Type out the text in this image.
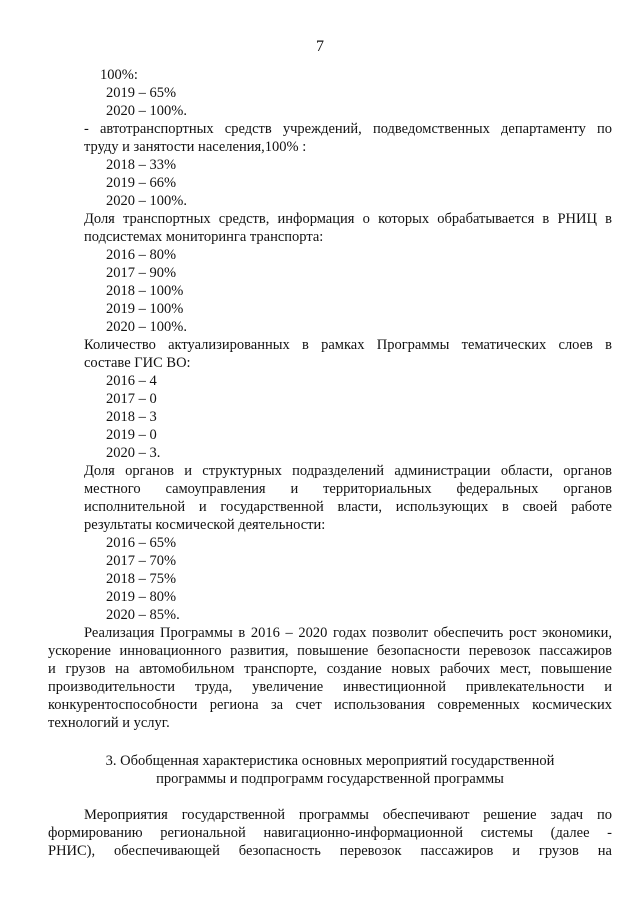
7
100%:
2019 – 65%
2020 – 100%.
- автотранспортных средств учреждений, подведомственных департаменту по
труду и занятости населения,100% :
2018 – 33%
2019 – 66%
2020 – 100%.
Доля транспортных средств, информация о которых обрабатывается в РНИЦ в
подсистемах мониторинга транспорта:
2016 – 80%
2017 – 90%
2018 – 100%
2019 – 100%
2020 – 100%.
Количество актуализированных в рамках Программы тематических слоев в
составе ГИС ВО:
2016 – 4
2017 – 0
2018 – 3
2019 – 0
2020 – 3.
Доля органов и структурных подразделений администрации области, органов
местного самоуправления и территориальных федеральных органов
исполнительной и государственной власти, использующих в своей работе
результаты космической деятельности:
2016 – 65%
2017 – 70%
2018 – 75%
2019 – 80%
2020 – 85%.
Реализация Программы в 2016 – 2020 годах позволит обеспечить рост экономики,
ускорение инновационного развития, повышение безопасности перевозок пассажиров
и грузов на автомобильном транспорте, создание новых рабочих мест, повышение
производительности труда, увеличение инвестиционной привлекательности и
конкурентоспособности региона за счет использования современных космических
технологий и услуг.
3. Обобщенная характеристика основных мероприятий государственной
программы и подпрограмм государственной программы
Мероприятия государственной программы обеспечивают решение задач по
формированию региональной навигационно-информационной системы (далее -
РНИС), обеспечивающей безопасность перевозок пассажиров и грузов на
